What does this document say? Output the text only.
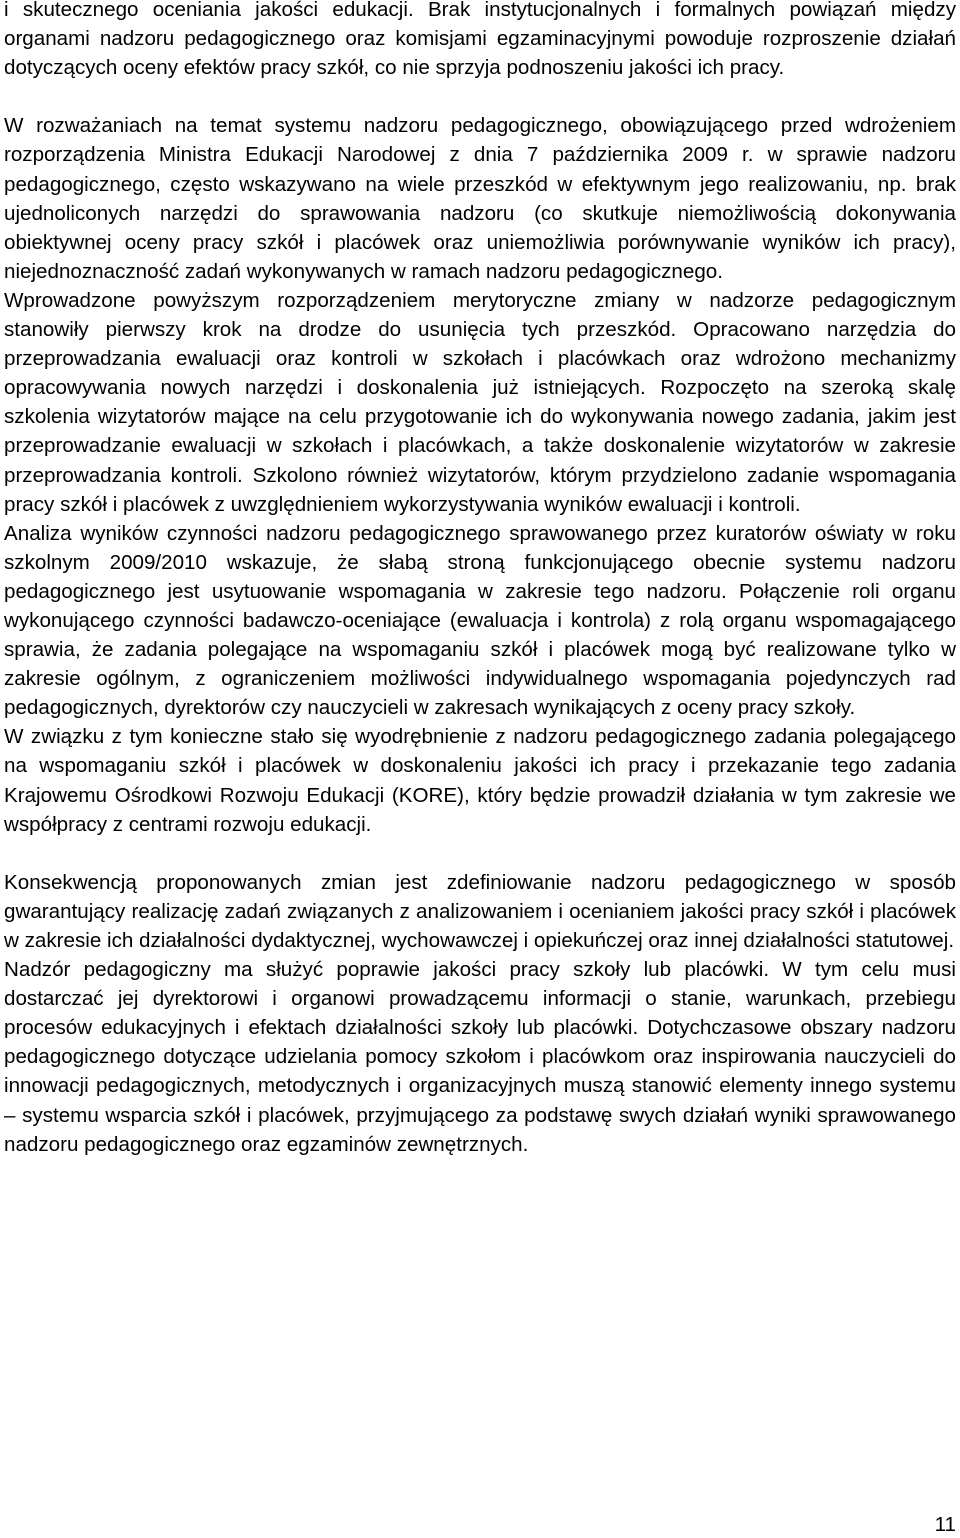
i skutecznego oceniania jakości edukacji. Brak instytucjonalnych i formalnych powiązań między organami nadzoru pedagogicznego oraz komisjami egzaminacyjnymi powoduje rozproszenie działań dotyczących oceny efektów pracy szkół, co nie sprzyja podnoszeniu jakości ich pracy.

W rozważaniach na temat systemu nadzoru pedagogicznego, obowiązującego przed wdrożeniem rozporządzenia Ministra Edukacji Narodowej z dnia 7 października 2009 r. w sprawie nadzoru pedagogicznego, często wskazywano na wiele przeszkód w efektywnym jego realizowaniu, np. brak ujednoliconych narzędzi do sprawowania nadzoru (co skutkuje niemożliwością dokonywania obiektywnej oceny pracy szkół i placówek oraz uniemożliwia porównywanie wyników ich pracy), niejednoznaczność zadań wykonywanych w ramach nadzoru pedagogicznego.

Wprowadzone powyższym rozporządzeniem merytoryczne zmiany w nadzorze pedagogicznym stanowiły pierwszy krok na drodze do usunięcia tych przeszkód. Opracowano narzędzia do przeprowadzania ewaluacji oraz kontroli w szkołach i placówkach oraz wdrożono mechanizmy opracowywania nowych narzędzi i doskonalenia już istniejących. Rozpoczęto na szeroką skalę szkolenia wizytatorów mające na celu przygotowanie ich do wykonywania nowego zadania, jakim jest przeprowadzanie ewaluacji w szkołach i placówkach, a także doskonalenie wizytatorów w zakresie przeprowadzania kontroli. Szkolono również wizytatorów, którym przydzielono zadanie wspomagania pracy szkół i placówek z uwzględnieniem wykorzystywania wyników ewaluacji i kontroli.

Analiza wyników czynności nadzoru pedagogicznego sprawowanego przez kuratorów oświaty w roku szkolnym 2009/2010 wskazuje, że słabą stroną funkcjonującego obecnie systemu nadzoru pedagogicznego jest usytuowanie wspomagania w zakresie tego nadzoru. Połączenie roli organu wykonującego czynności badawczo-oceniające (ewaluacja i kontrola) z rolą organu wspomagającego sprawia, że zadania polegające na wspomaganiu szkół i placówek mogą być realizowane tylko w zakresie ogólnym, z ograniczeniem możliwości indywidualnego wspomagania pojedynczych rad pedagogicznych, dyrektorów czy nauczycieli w zakresach wynikających z oceny pracy szkoły.

W związku z tym konieczne stało się wyodrębnienie z nadzoru pedagogicznego zadania polegającego na wspomaganiu szkół i placówek w doskonaleniu jakości ich pracy i przekazanie tego zadania Krajowemu Ośrodkowi Rozwoju Edukacji (KORE), który będzie prowadził działania w tym zakresie we współpracy z centrami rozwoju edukacji.

Konsekwencją proponowanych zmian jest zdefiniowanie nadzoru pedagogicznego w sposób gwarantujący realizację zadań związanych z analizowaniem i ocenianiem jakości pracy szkół i placówek w zakresie ich działalności dydaktycznej, wychowawczej i opiekuńczej oraz innej działalności statutowej.

Nadzór pedagogiczny ma służyć poprawie jakości pracy szkoły lub placówki. W tym celu musi dostarczać jej dyrektorowi i organowi prowadzącemu informacji o stanie, warunkach, przebiegu procesów edukacyjnych i efektach działalności szkoły lub placówki. Dotychczasowe obszary nadzoru pedagogicznego dotyczące udzielania pomocy szkołom i placówkom oraz inspirowania nauczycieli do innowacji pedagogicznych, metodycznych i organizacyjnych muszą stanowić elementy innego systemu – systemu wsparcia szkół i placówek, przyjmującego za podstawę swych działań wyniki sprawowanego nadzoru pedagogicznego oraz egzaminów zewnętrznych.

11
